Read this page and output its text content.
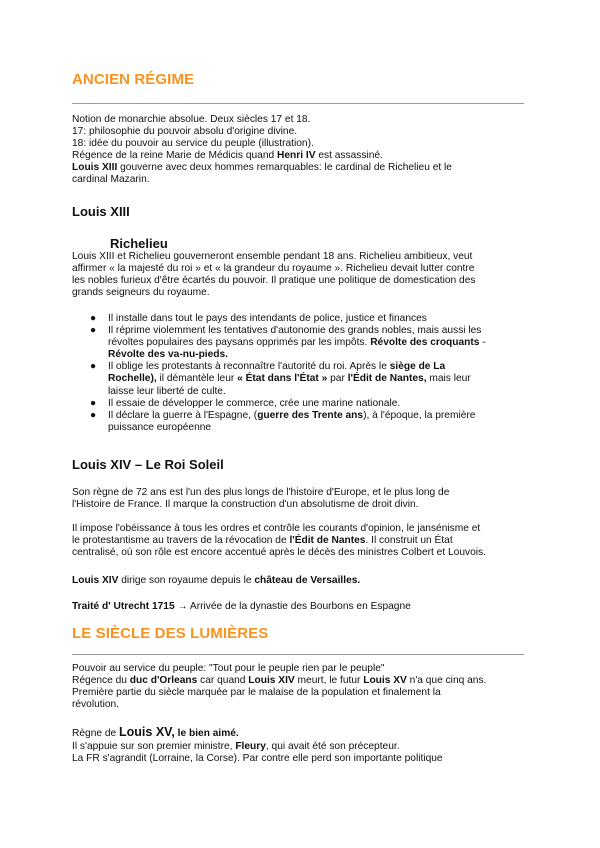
ANCIEN RÉGIME
Notion de monarchie absolue. Deux siècles 17 et 18.
17: philosophie du pouvoir absolu d'origine divine.
18: idée du pouvoir au service du peuple (illustration).
Régence de la reine Marie de Médicis quand Henri IV est assassiné.
Louis XIII gouverne avec deux hommes remarquables: le cardinal de Richelieu et le
cardinal Mazarin.
Louis XIII
Richelieu
Louis XIII et Richelieu gouverneront ensemble pendant 18 ans. Richelieu ambitieux, veut
affirmer « la majesté du roi » et « la grandeur du royaume ». Richelieu devait lutter contre
les nobles furieux d'être écartés du pouvoir. Il pratique une politique de domestication des
grands seigneurs du royaume.
● Il installe dans tout le pays des intendants de police, justice et finances
● Il réprime violemment les tentatives d'autonomie des grands nobles, mais aussi les
révoltes populaires des paysans opprimés par les impôts. Révolte des croquants -
Révolte des va-nu-pieds.
● Il oblige les protestants à reconnaître l'autorité du roi. Après le siège de La
Rochelle), il démantèle leur « État dans l'État » par l'Édit de Nantes, mais leur
laisse leur liberté de culte.
● Il essaie de développer le commerce, crée une marine nationale.
● Il déclare la guerre à l'Espagne, (guerre des Trente ans), à l'époque, la première
puissance européenne
Louis XIV – Le Roi Soleil
Son règne de 72 ans est l'un des plus longs de l'histoire d'Europe, et le plus long de
l'Histoire de France. Il marque la construction d'un absolutisme de droit divin.
Il impose l'obéissance à tous les ordres et contrôle les courants d'opinion, le jansénisme et
le protestantisme au travers de la révocation de l'Édit de Nantes. Il construit un État
centralisé, où son rôle est encore accentué après le décès des ministres Colbert et Louvois.
Louis XIV dirige son royaume depuis le château de Versailles.
Traité d' Utrecht 1715 → Arrivée de la dynastie des Bourbons en Espagne
LE SIÈCLE DES LUMIÈRES
Pouvoir au service du peuple: "Tout pour le peuple rien par le peuple"
Régence du duc d'Orleans car quand Louis XIV meurt, le futur Louis XV n'a que cinq ans.
Première partie du siècle marquée par le malaise de la population et finalement la
révolution.
Règne de Louis XV, le bien aimé.
Il s'appuie sur son premier ministre, Fleury, qui avait été son précepteur.
La FR s'agrandit (Lorraine, la Corse). Par contre elle perd son importante politique
